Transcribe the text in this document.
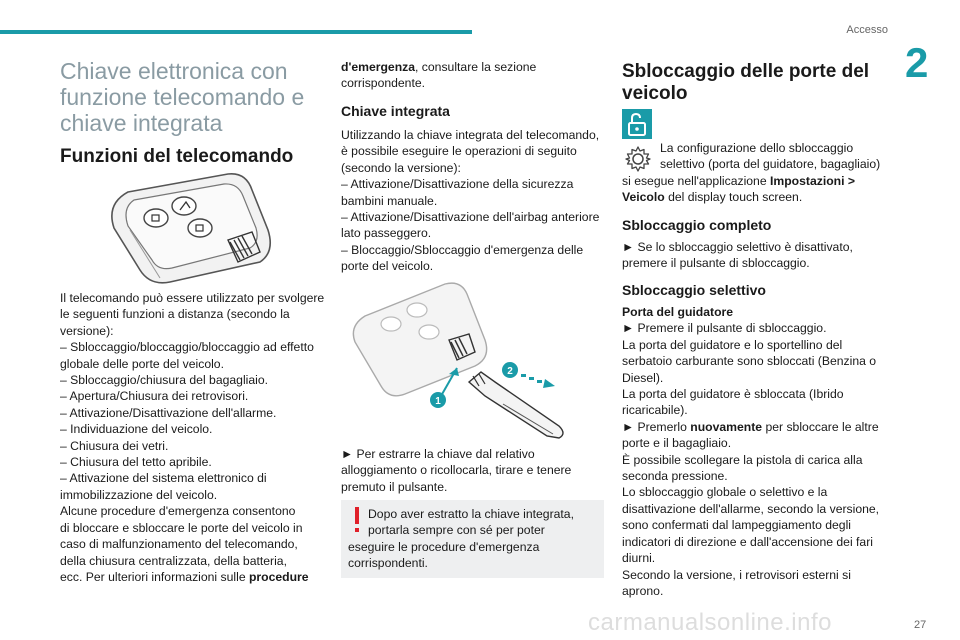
Accesso
2
Chiave elettronica con funzione telecomando e chiave integrata
Funzioni del telecomando
Il telecomando può essere utilizzato per svolgere
le seguenti funzioni a distanza (secondo la
versione):
– Sbloccaggio/bloccaggio/bloccaggio ad effetto
globale delle porte del veicolo.
– Sbloccaggio/chiusura del bagagliaio.
– Apertura/Chiusura dei retrovisori.
– Attivazione/Disattivazione dell'allarme.
– Individuazione del veicolo.
– Chiusura dei vetri.
– Chiusura del tetto apribile.
– Attivazione del sistema elettronico di
immobilizzazione del veicolo.
Alcune procedure d'emergenza consentono
di bloccare e sbloccare le porte del veicolo in
caso di malfunzionamento del telecomando,
della chiusura centralizzata, della batteria,
ecc. Per ulteriori informazioni sulle procedure
d'emergenza, consultare la sezione
corrispondente.
Chiave integrata
Utilizzando la chiave integrata del telecomando,
è possibile eseguire le operazioni di seguito
(secondo la versione):
– Attivazione/Disattivazione della sicurezza
bambini manuale.
– Attivazione/Disattivazione dell'airbag anteriore
lato passeggero.
– Bloccaggio/Sbloccaggio d'emergenza delle
porte del veicolo.
1
2
► Per estrarre la chiave dal relativo
alloggiamento o ricollocarla, tirare e tenere
premuto il pulsante.
Dopo aver estratto la chiave integrata,
portarla sempre con sé per poter
eseguire le procedure d'emergenza
corrispondenti.
Sbloccaggio delle porte del
veicolo
La configurazione dello sbloccaggio
selettivo (porta del guidatore, bagagliaio)
si esegue nell'applicazione Impostazioni >
Veicolo del display touch screen.
Sbloccaggio completo
► Se lo sbloccaggio selettivo è disattivato,
premere il pulsante di sbloccaggio.
Sbloccaggio selettivo
Porta del guidatore
► Premere il pulsante di sbloccaggio.
La porta del guidatore e lo sportellino del
serbatoio carburante sono sbloccati (Benzina o
Diesel).
La porta del guidatore è sbloccata (Ibrido
ricaricabile).
► Premerlo nuovamente per sbloccare le altre
porte e il bagagliaio.
È possibile scollegare la pistola di carica alla
seconda pressione.
Lo sbloccaggio globale o selettivo e la
disattivazione dell'allarme, secondo la versione,
sono confermati dal lampeggiamento degli
indicatori di direzione e dall'accensione dei fari
diurni.
Secondo la versione, i retrovisori esterni si
aprono.
carmanualsonline.info	27
